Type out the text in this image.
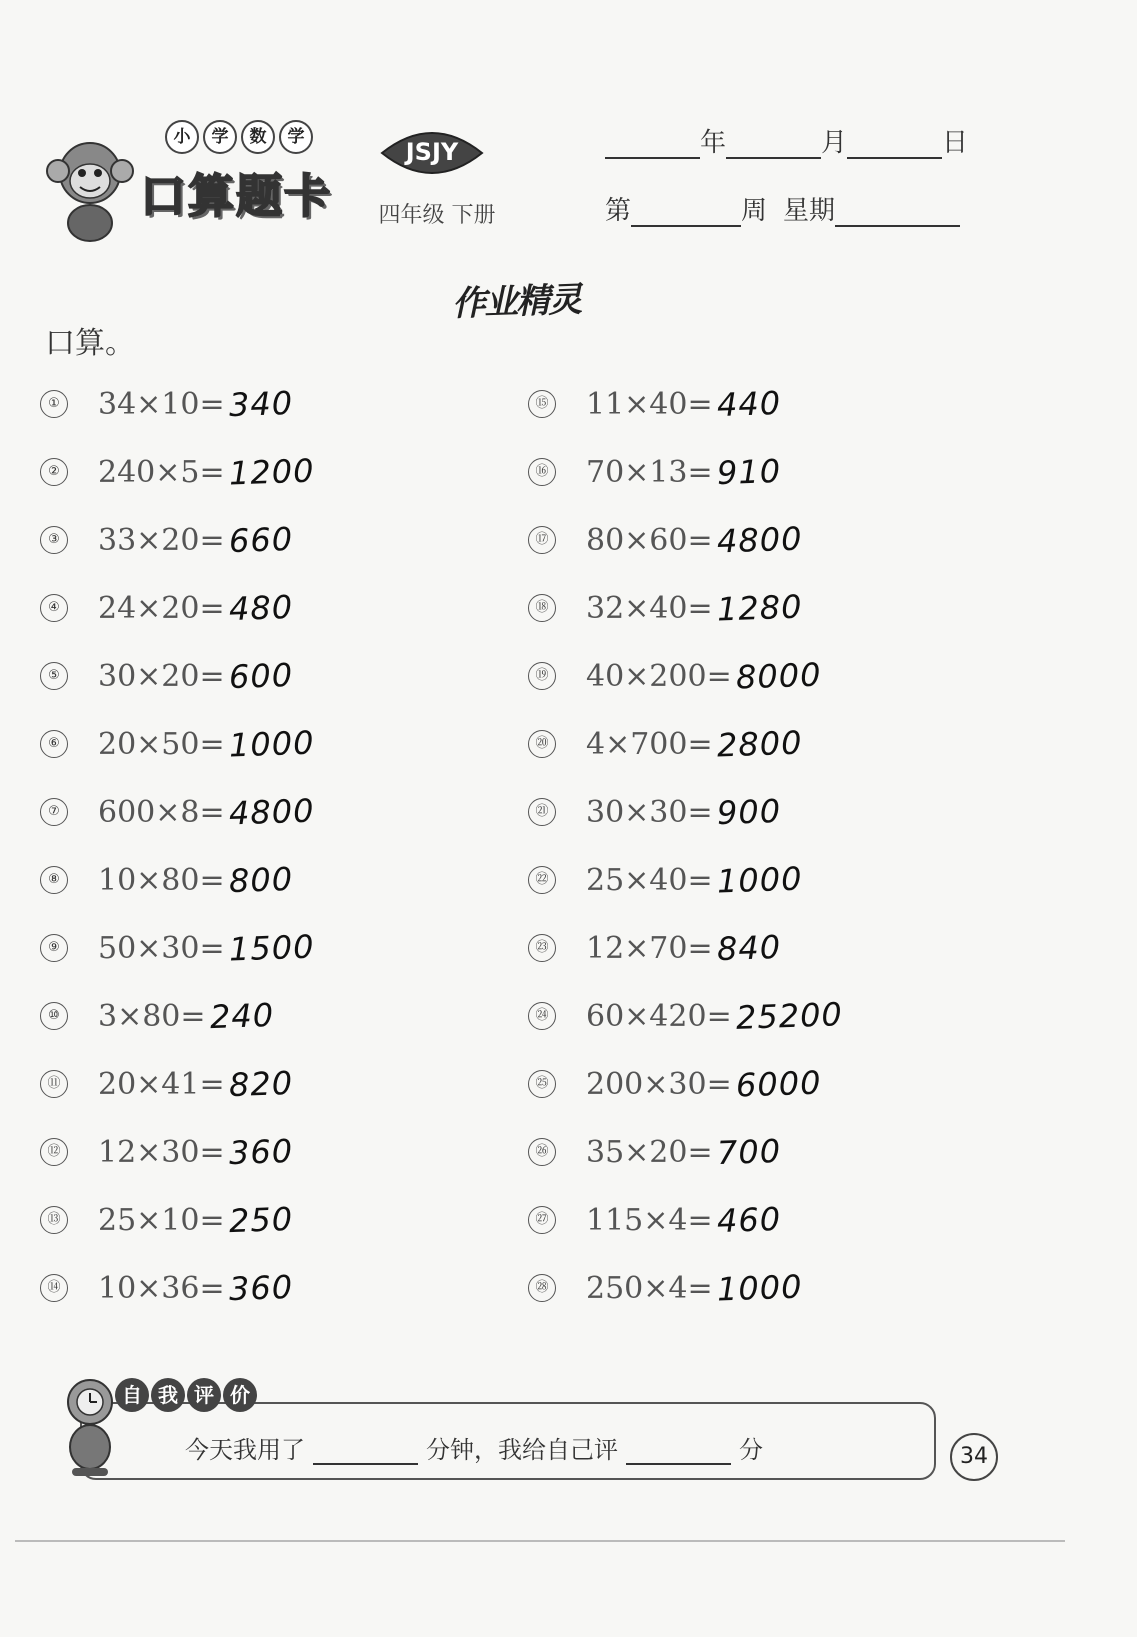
小	学	数	学
口算题卡
JSJY
四年级 下册
年	月	日
第	周 星期
作业精灵
口算。
① 34×10= 340
② 240×5= 1200
③ 33×20= 660
④ 24×20= 480
⑤ 30×20= 600
⑥ 20×50= 1000
⑦ 600×8= 4800
⑧ 10×80= 800
⑨ 50×30= 1500
⑩ 3×80= 240
⑪ 20×41= 820
⑫ 12×30= 360
⑬ 25×10= 250
⑭ 10×36= 360
⑮ 11×40= 440
⑯ 70×13= 910
⑰ 80×60= 4800
⑱ 32×40= 1280
⑲ 40×200= 8000
⑳ 4×700= 2800
㉑ 30×30= 900
㉒ 25×40= 1000
㉓ 12×70= 840
㉔ 60×420= 25200
㉕ 200×30= 6000
㉖ 35×20= 700
㉗ 115×4= 460
㉘ 250×4= 1000
自 我 评 价
今天我用了	分钟，我给自己评	分	34
